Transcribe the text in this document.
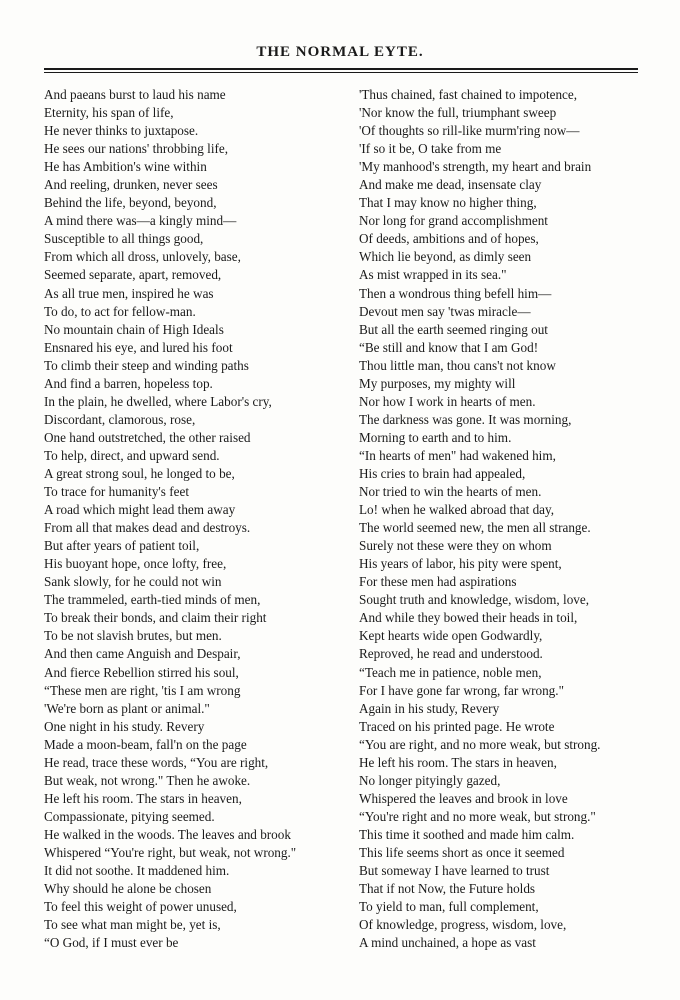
THE NORMAL EYTE.
And paeans burst to laud his name
Eternity, his span of life,
He never thinks to juxtapose.
He sees our nations' throbbing life,
He has Ambition's wine within
And reeling, drunken, never sees
Behind the life, beyond, beyond,
A mind there was—a kingly mind—
Susceptible to all things good,
From which all dross, unlovely, base,
Seemed separate, apart, removed,
As all true men, inspired he was
To do, to act for fellow-man.
No mountain chain of High Ideals
Ensnared his eye, and lured his foot
To climb their steep and winding paths
And find a barren, hopeless top.
In the plain, he dwelled, where Labor's cry,
Discordant, clamorous, rose,
One hand outstretched, the other raised
To help, direct, and upward send.
A great strong soul, he longed to be,
To trace for humanity's feet
A road which might lead them away
From all that makes dead and destroys.
But after years of patient toil,
His buoyant hope, once lofty, free,
Sank slowly, for he could not win
The trammeled, earth-tied minds of men,
To break their bonds, and claim their right
To be not slavish brutes, but men.
And then came Anguish and Despair,
And fierce Rebellion stirred his soul,
“These men are right, 'tis I am wrong
'We're born as plant or animal."
One night in his study. Revery
Made a moon-beam, fall'n on the page
He read, trace these words, “You are right,
But weak, not wrong." Then he awoke.
He left his room. The stars in heaven,
Compassionate, pitying seemed.
He walked in the woods. The leaves and brook
Whispered “You're right, but weak, not wrong."
It did not soothe. It maddened him.
Why should he alone be chosen
To feel this weight of power unused,
To see what man might be, yet is,
“O God, if I must ever be
'Thus chained, fast chained to impotence,
'Nor know the full, triumphant sweep
'Of thoughts so rill-like murm'ring now—
'If so it be, O take from me
'My manhood's strength, my heart and brain
And make me dead, insensate clay
That I may know no higher thing,
Nor long for grand accomplishment
Of deeds, ambitions and of hopes,
Which lie beyond, as dimly seen
As mist wrapped in its sea."
Then a wondrous thing befell him—
Devout men say 'twas miracle—
But all the earth seemed ringing out
“Be still and know that I am God!
Thou little man, thou cans't not know
My purposes, my mighty will
Nor how I work in hearts of men.
The darkness was gone. It was morning,
Morning to earth and to him.
“In hearts of men" had wakened him,
His cries to brain had appealed,
Nor tried to win the hearts of men.
Lo! when he walked abroad that day,
The world seemed new, the men all strange.
Surely not these were they on whom
His years of labor, his pity were spent,
For these men had aspirations
Sought truth and knowledge, wisdom, love,
And while they bowed their heads in toil,
Kept hearts wide open Godwardly,
Reproved, he read and understood.
“Teach me in patience, noble men,
For I have gone far wrong, far wrong."
Again in his study, Revery
Traced on his printed page. He wrote
“You are right, and no more weak, but strong.
He left his room. The stars in heaven,
No longer pityingly gazed,
Whispered the leaves and brook in love
“You're right and no more weak, but strong."
This time it soothed and made him calm.
This life seems short as once it seemed
But someway I have learned to trust
That if not Now, the Future holds
To yield to man, full complement,
Of knowledge, progress, wisdom, love,
A mind unchained, a hope as vast
